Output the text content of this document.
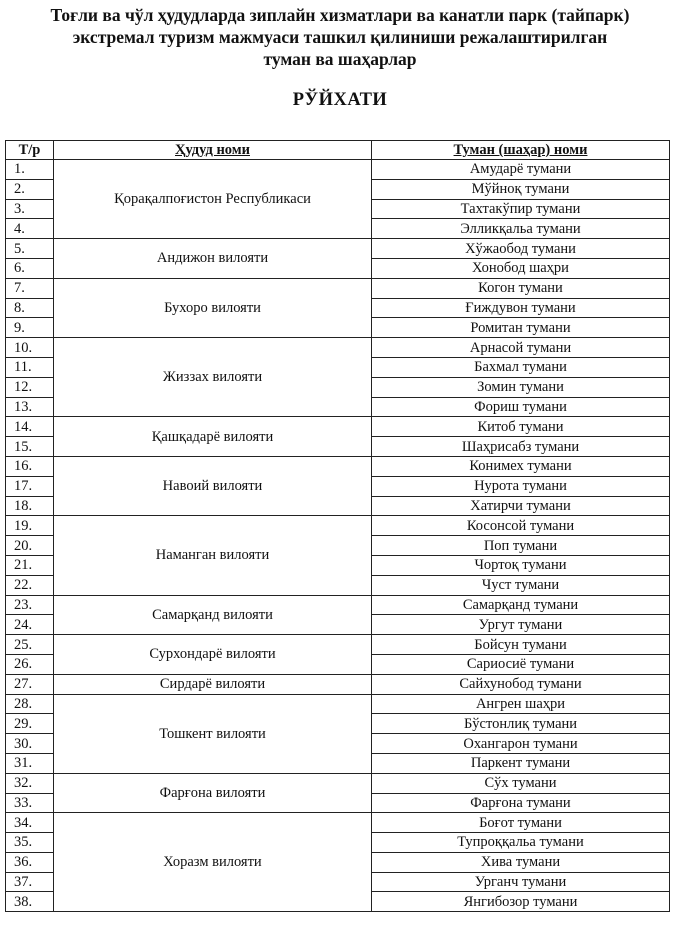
Тоғли ва чўл ҳудудларда зиплайн хизматлари ва канатли парк (тайпарк)
экстремал туризм мажмуаси ташкил қилиниши режалаштирилган
туман ва шаҳарлар
РЎЙХАТИ
Т/р	Ҳудуд номи	Туман (шаҳар) номи
1.	Қорақалпоғистон Республикаси	Амударё тумани
2.		Мўйноқ тумани
3.		Тахтакўпир тумани
4.		Элликқальа тумани
5.	Андижон вилояти	Хўжаобод тумани
6.		Хонобод шаҳри
7.	Бухоро вилояти	Когон тумани
8.		Ғиждувон тумани
9.		Ромитан тумани
10.	Жиззах вилояти	Арнасой тумани
11.		Бахмал тумани
12.		Зомин тумани
13.		Фориш тумани
14.	Қашқадарё вилояти	Китоб тумани
15.		Шаҳрисабз тумани
16.	Навоий вилояти	Конимех тумани
17.		Нурота тумани
18.		Хатирчи тумани
19.	Наманган вилояти	Косонсой тумани
20.		Поп тумани
21.		Чортоқ тумани
22.		Чуст тумани
23.	Самарқанд вилояти	Самарқанд тумани
24.		Ургут тумани
25.	Сурхондарё вилояти	Бойсун тумани
26.		Сариосиё тумани
27.	Сирдарё вилояти	Сайхунобод тумани
28.	Тошкент вилояти	Ангрен шаҳри
29.		Бўстонлиқ тумани
30.		Охангарон тумани
31.		Паркент тумани
32.	Фарғона вилояти	Сўх тумани
33.		Фарғона тумани
34.	Хоразм вилояти	Боғот тумани
35.		Тупроққальа тумани
36.		Хива тумани
37.		Урганч тумани
38.		Янгибозор тумани
